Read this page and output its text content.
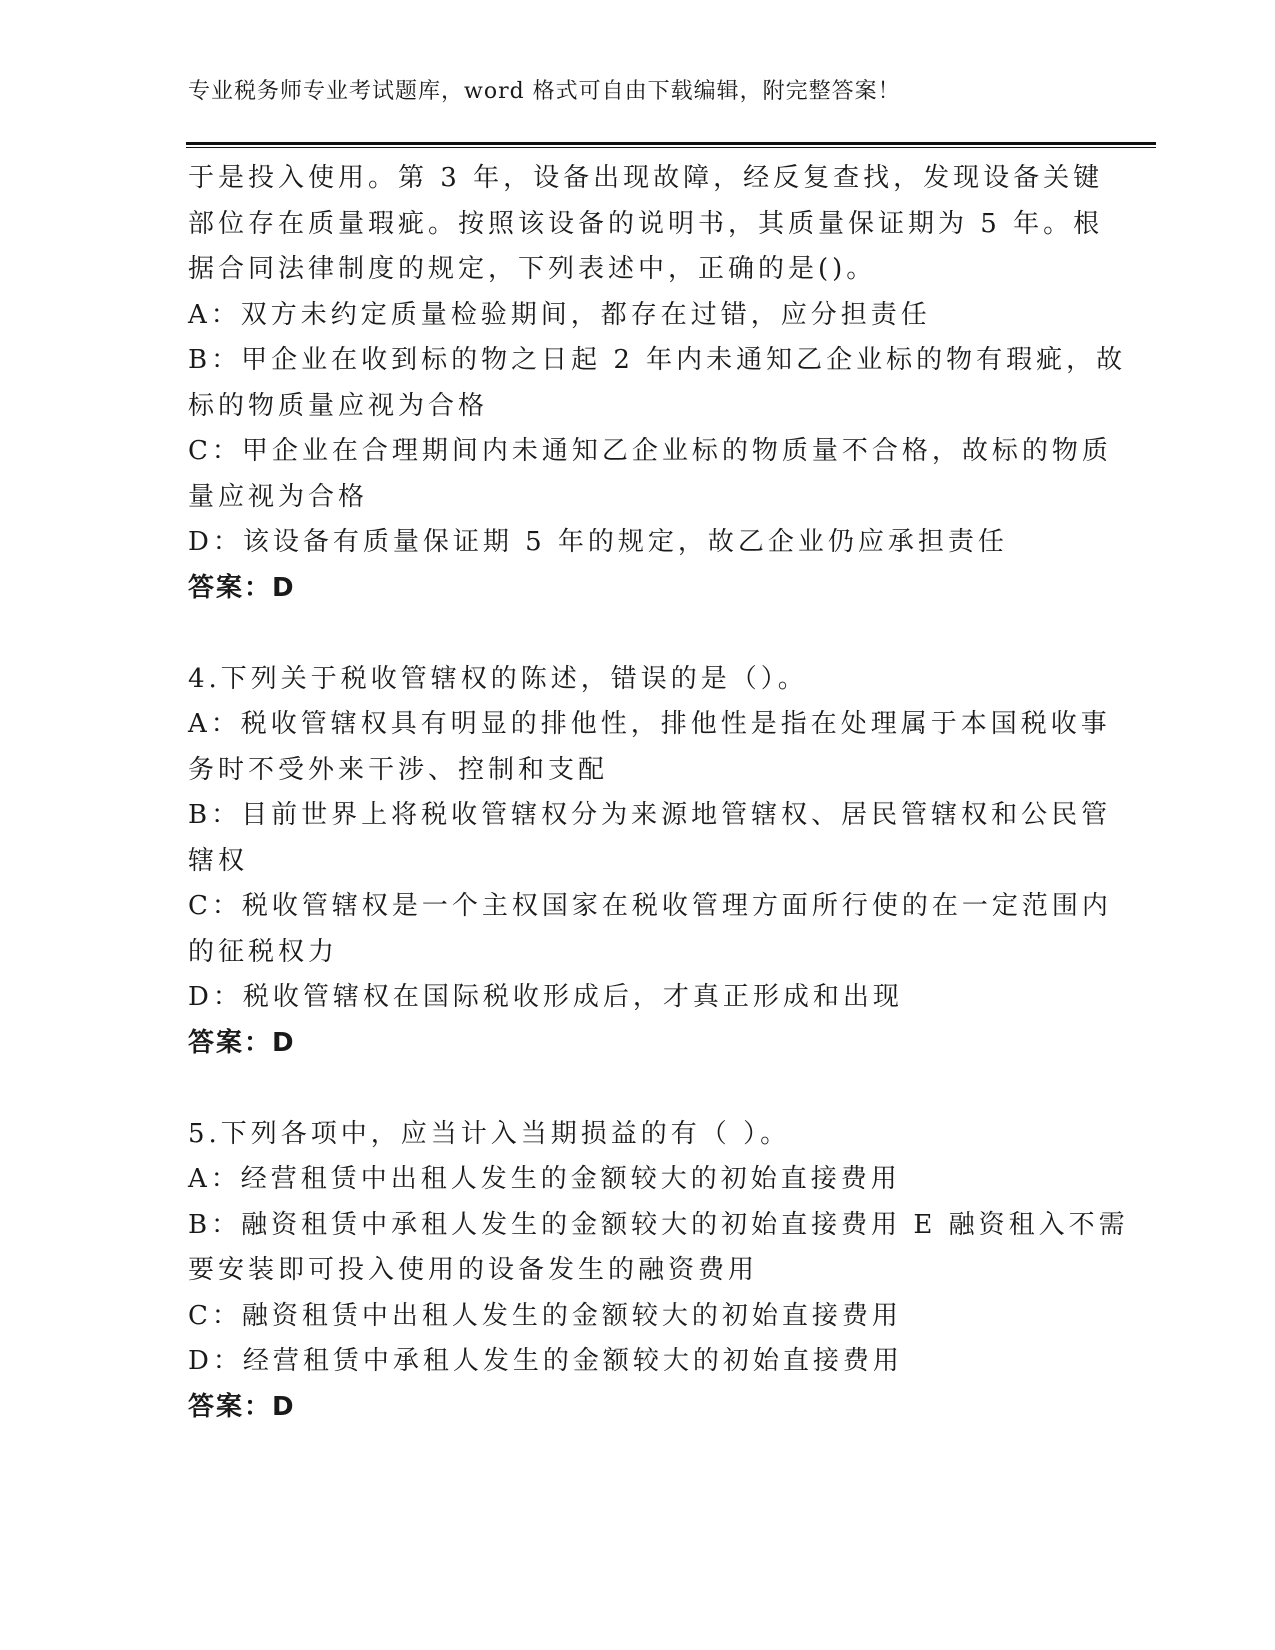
专业税务师专业考试题库，word 格式可自由下载编辑，附完整答案！
于是投入使用。第 3 年，设备出现故障，经反复查找，发现设备关键
部位存在质量瑕疵。按照该设备的说明书，其质量保证期为 5 年。根
据合同法律制度的规定，下列表述中，正确的是()。
A：双方未约定质量检验期间，都存在过错，应分担责任
B：甲企业在收到标的物之日起 2 年内未通知乙企业标的物有瑕疵，故
标的物质量应视为合格
C：甲企业在合理期间内未通知乙企业标的物质量不合格，故标的物质
量应视为合格
D：该设备有质量保证期 5 年的规定，故乙企业仍应承担责任
答案：D
4.下列关于税收管辖权的陈述，错误的是（）。
A：税收管辖权具有明显的排他性，排他性是指在处理属于本国税收事
务时不受外来干涉、控制和支配
B：目前世界上将税收管辖权分为来源地管辖权、居民管辖权和公民管
辖权
C：税收管辖权是一个主权国家在税收管理方面所行使的在一定范围内
的征税权力
D：税收管辖权在国际税收形成后，才真正形成和出现
答案：D
5.下列各项中，应当计入当期损益的有（ ）。
A：经营租赁中出租人发生的金额较大的初始直接费用
B：融资租赁中承租人发生的金额较大的初始直接费用 E 融资租入不需
要安装即可投入使用的设备发生的融资费用
C：融资租赁中出租人发生的金额较大的初始直接费用
D：经营租赁中承租人发生的金额较大的初始直接费用
答案：D
